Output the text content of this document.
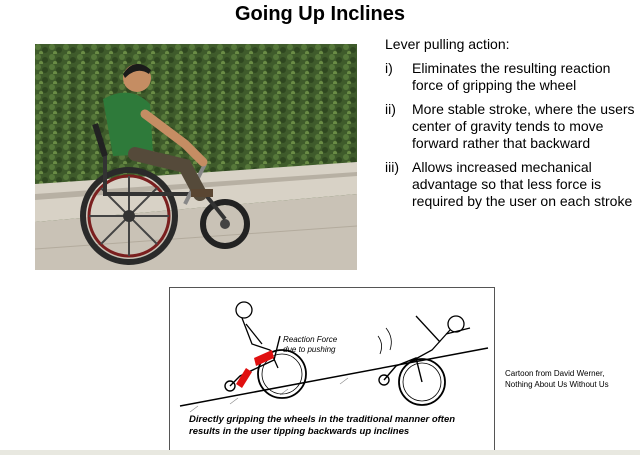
Going Up Inclines
Lever pulling action:
i)	Eliminates the resulting reaction force of gripping the wheel
ii)	More stable stroke, where the users center of gravity tends to move forward rather that backward
iii) Allows increased mechanical advantage so that less force is required by the user on each stroke
Reaction Force
due to pushing
Directly gripping the wheels in the traditional manner often
results in the user tipping backwards up inclines
Cartoon from David Werner,
Nothing About Us Without Us
